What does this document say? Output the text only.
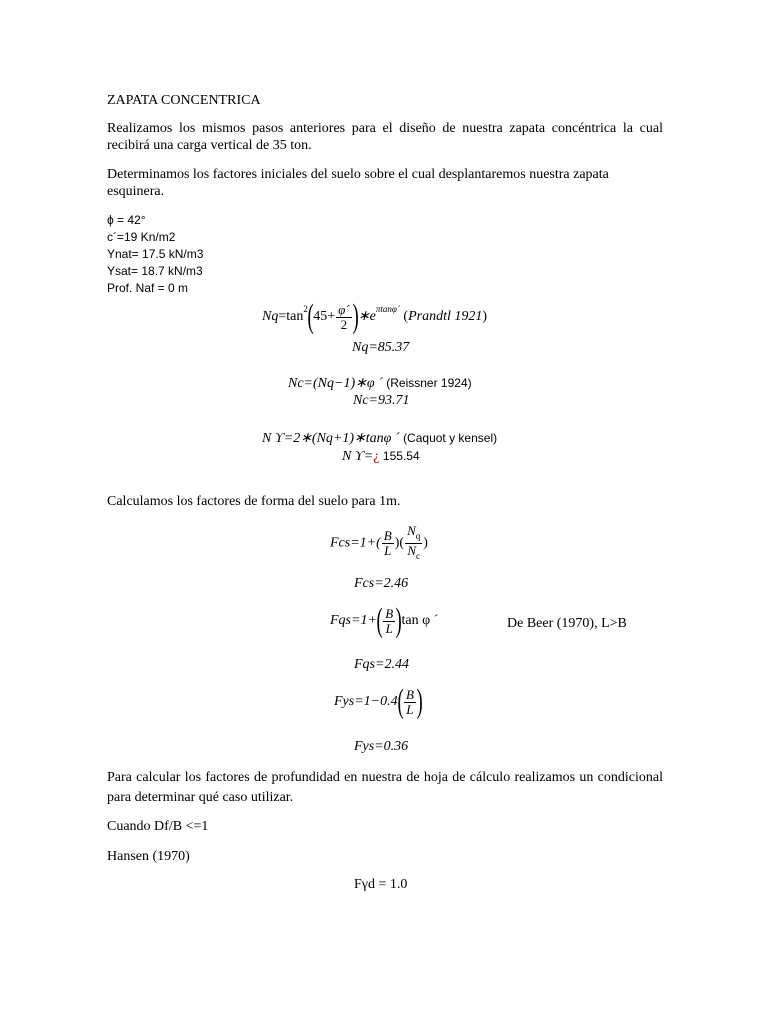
ZAPATA CONCENTRICA
Realizamos los mismos pasos anteriores para el diseño de nuestra zapata concéntrica la cual recibirá una carga vertical de 35 ton.
Determinamos los factores iniciales del suelo sobre el cual desplantaremos nuestra zapata esquinera.
ϕ = 42°
c´=19 Kn/m2
Ynat= 17.5 kN/m3
Ysat= 18.7 kN/m3
Prof. Naf = 0 m
$Nq=\tan^2(45+ \frac{\varphi´}{2}$ )$∗e^{\pi tan\varphi´}$ (Prandtl 1921)
Nq=85.37
Nc=(Nq−1)∗φ ´ (Reissner 1924)
Nc=93.71
N ϒ=2∗(Nq+1)∗tanφ ´ (Caquot y kensel)
N ϒ=¿ 155.54
Calculamos los factores de forma del suelo para 1m.
$Fcs=1+( \frac{B}{L}$ )( $\frac{N_q}{N_c}$ )
Fcs=2.46
$Fqs=1+( \frac{B}{L} )\tan$ φ ´	De Beer (1970), L>B
Fqs=2.44
$Fys=1-0.4( \frac{B}{L}$ )
Fys=0.36
Para calcular los factores de profundidad en nuestra de hoja de cálculo realizamos un condicional para determinar qué caso utilizar.
Cuando Df/B <=1
Hansen (1970)
Fγd = 1.0
